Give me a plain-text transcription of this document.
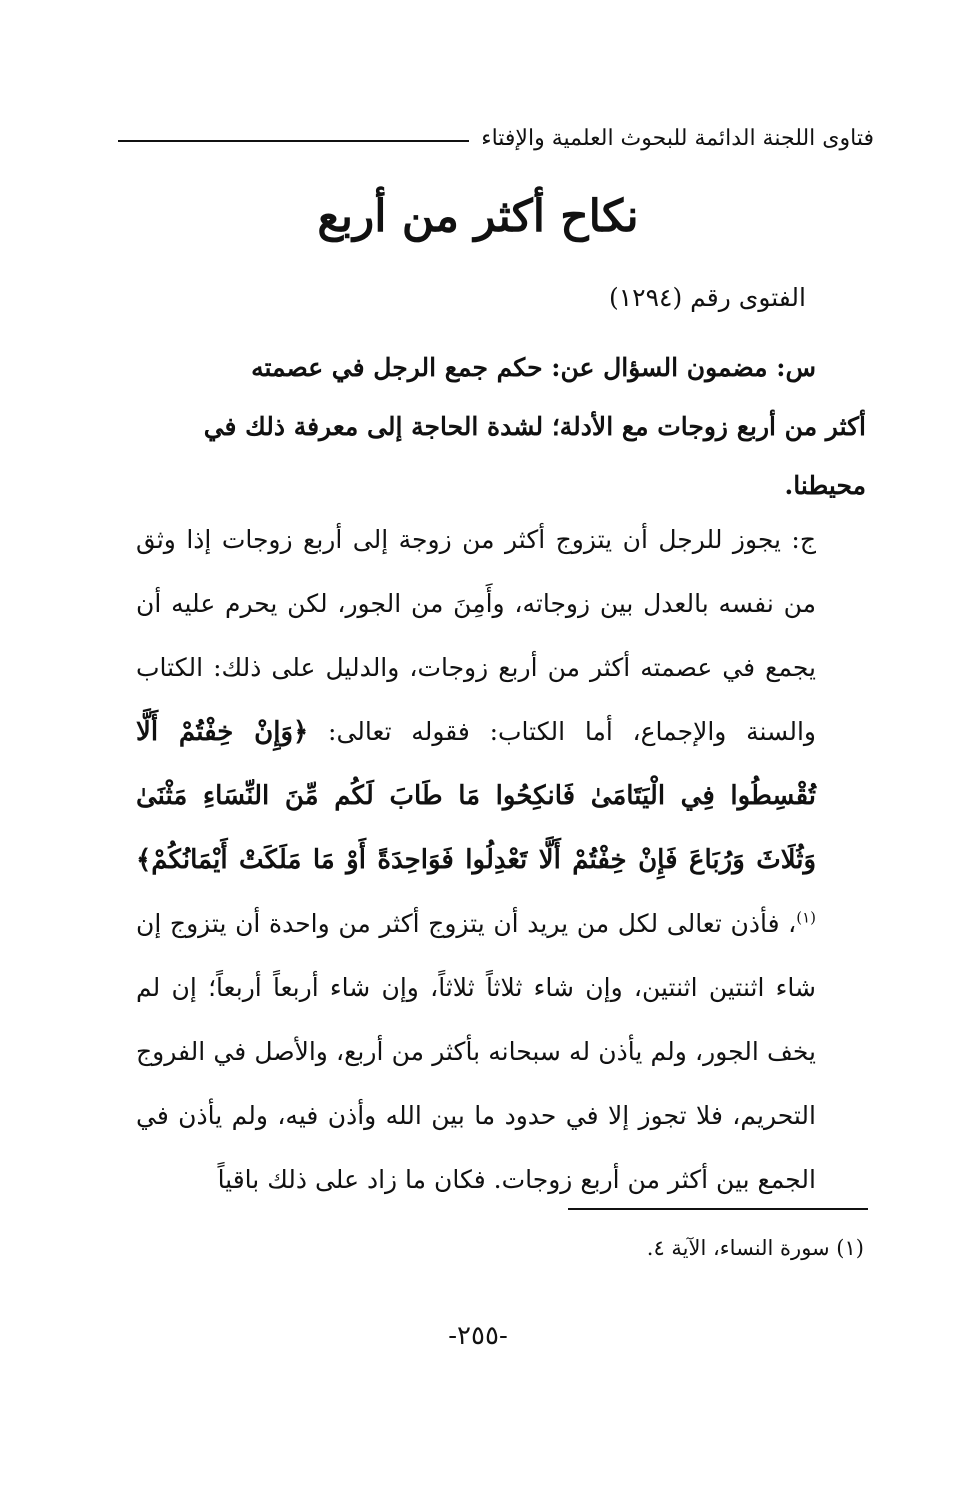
فتاوى اللجنة الدائمة للبحوث العلمية والإفتاء
نكاح أكثر من أربع
الفتوى رقم (١٢٩٤)
س: مضمون السؤال عن: حكم جمع الرجل في عصمته
أكثر من أربع زوجات مع الأدلة؛ لشدة الحاجة إلى معرفة ذلك في
محيطنا.

ج: يجوز للرجل أن يتزوج أكثر من زوجة إلى أربع زوجات إذا وثق من نفسه بالعدل بين زوجاته، وأَمِنَ من الجور، لكن يحرم عليه أن يجمع في عصمته أكثر من أربع زوجات، والدليل على ذلك: الكتاب والسنة والإجماع، أما الكتاب: فقوله تعالى: ﴿وَإِنْ خِفْتُمْ أَلَّا تُقْسِطُوا فِي الْيَتَامَىٰ فَانكِحُوا مَا طَابَ لَكُم مِّنَ النِّسَاءِ مَثْنَىٰ وَثُلَاثَ وَرُبَاعَ فَإِنْ خِفْتُمْ أَلَّا تَعْدِلُوا فَوَاحِدَةً أَوْ مَا مَلَكَتْ أَيْمَانُكُمْ﴾$^{(١)}$، فأذن تعالى لكل من يريد أن يتزوج أكثر من واحدة أن يتزوج إن شاء اثنتين اثنتين، وإن شاء ثلاثاً ثلاثاً، وإن شاء أربعاً أربعاً؛ إن لم يخف الجور، ولم يأذن له سبحانه بأكثر من أربع، والأصل في الفروج التحريم، فلا تجوز إلا في حدود ما بين الله وأذن فيه، ولم يأذن في الجمع بين أكثر من أربع زوجات. فكان ما زاد على ذلك باقياً

(١) سورة النساء، الآية ٤.
-٢٥٥-
